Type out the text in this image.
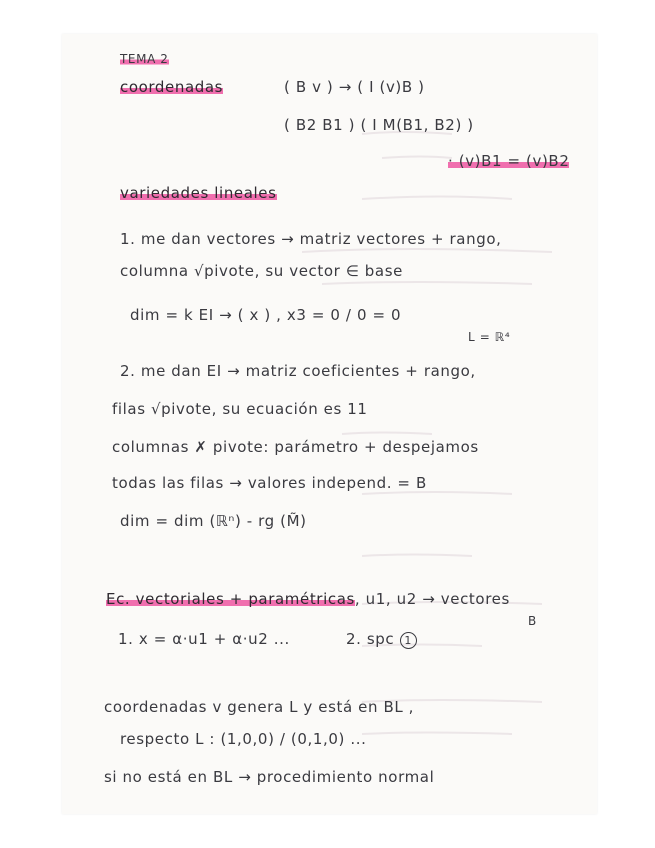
TEMA 2
coordenadas	( B v ) → ( I (v)B )
( B2 B1 ) ( I M(B1, B2) )
· (v)B1 = (v)B2
variedades lineales
1. me dan vectores → matriz vectores + rango,
columna √pivote, su vector ∈ base
dim = k EI → ( x ) , x3 = 0 / 0 = 0
L = ℝ⁴
2. me dan EI → matriz coeficientes + rango,
filas √pivote, su ecuación es 11
columnas ✗ pivote: parámetro + despejamos
todas las filas → valores independ. = B
dim = dim (ℝⁿ) - rg (M̃)
Ec. vectoriales + paramétricas, u1, u2 → vectores
B
1. x = α·u1 + α·u2 ...	2. spc 1
coordenadas v genera L y está en BL ,
respecto L : (1,0,0) / (0,1,0) ...
si no está en BL → procedimiento normal
